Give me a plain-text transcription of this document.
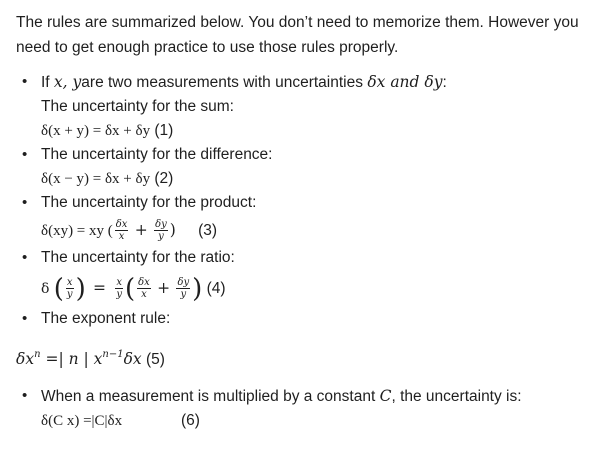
The rules are summarized below. You don’t need to memorize them. However you
need to get enough practice to use those rules properly.

• If x, yare two measurements with uncertainties δx and δy:
The uncertainty for the sum:
δ(x + y) = δx + δy (1)
• The uncertainty for the difference:
δ(x − y) = δx + δy (2)
• The uncertainty for the product:
δ(xy) = xy ( $\frac{\delta x}{x} + \frac{\delta y}{y}$ ) (3)
• The uncertainty for the ratio:
δ ( $\frac{x}{y}$ ) = $\frac{x}{y}$ ( $\frac{\delta x}{x} + \frac{\delta y}{y}$ ) (4)
• The exponent rule:
$\delta x^n$ =| n | $x^{n-1}\delta x$ (5)
• When a measurement is multiplied by a constant C, the uncertainty is:
δ(C x) =|C|δx	(6)
